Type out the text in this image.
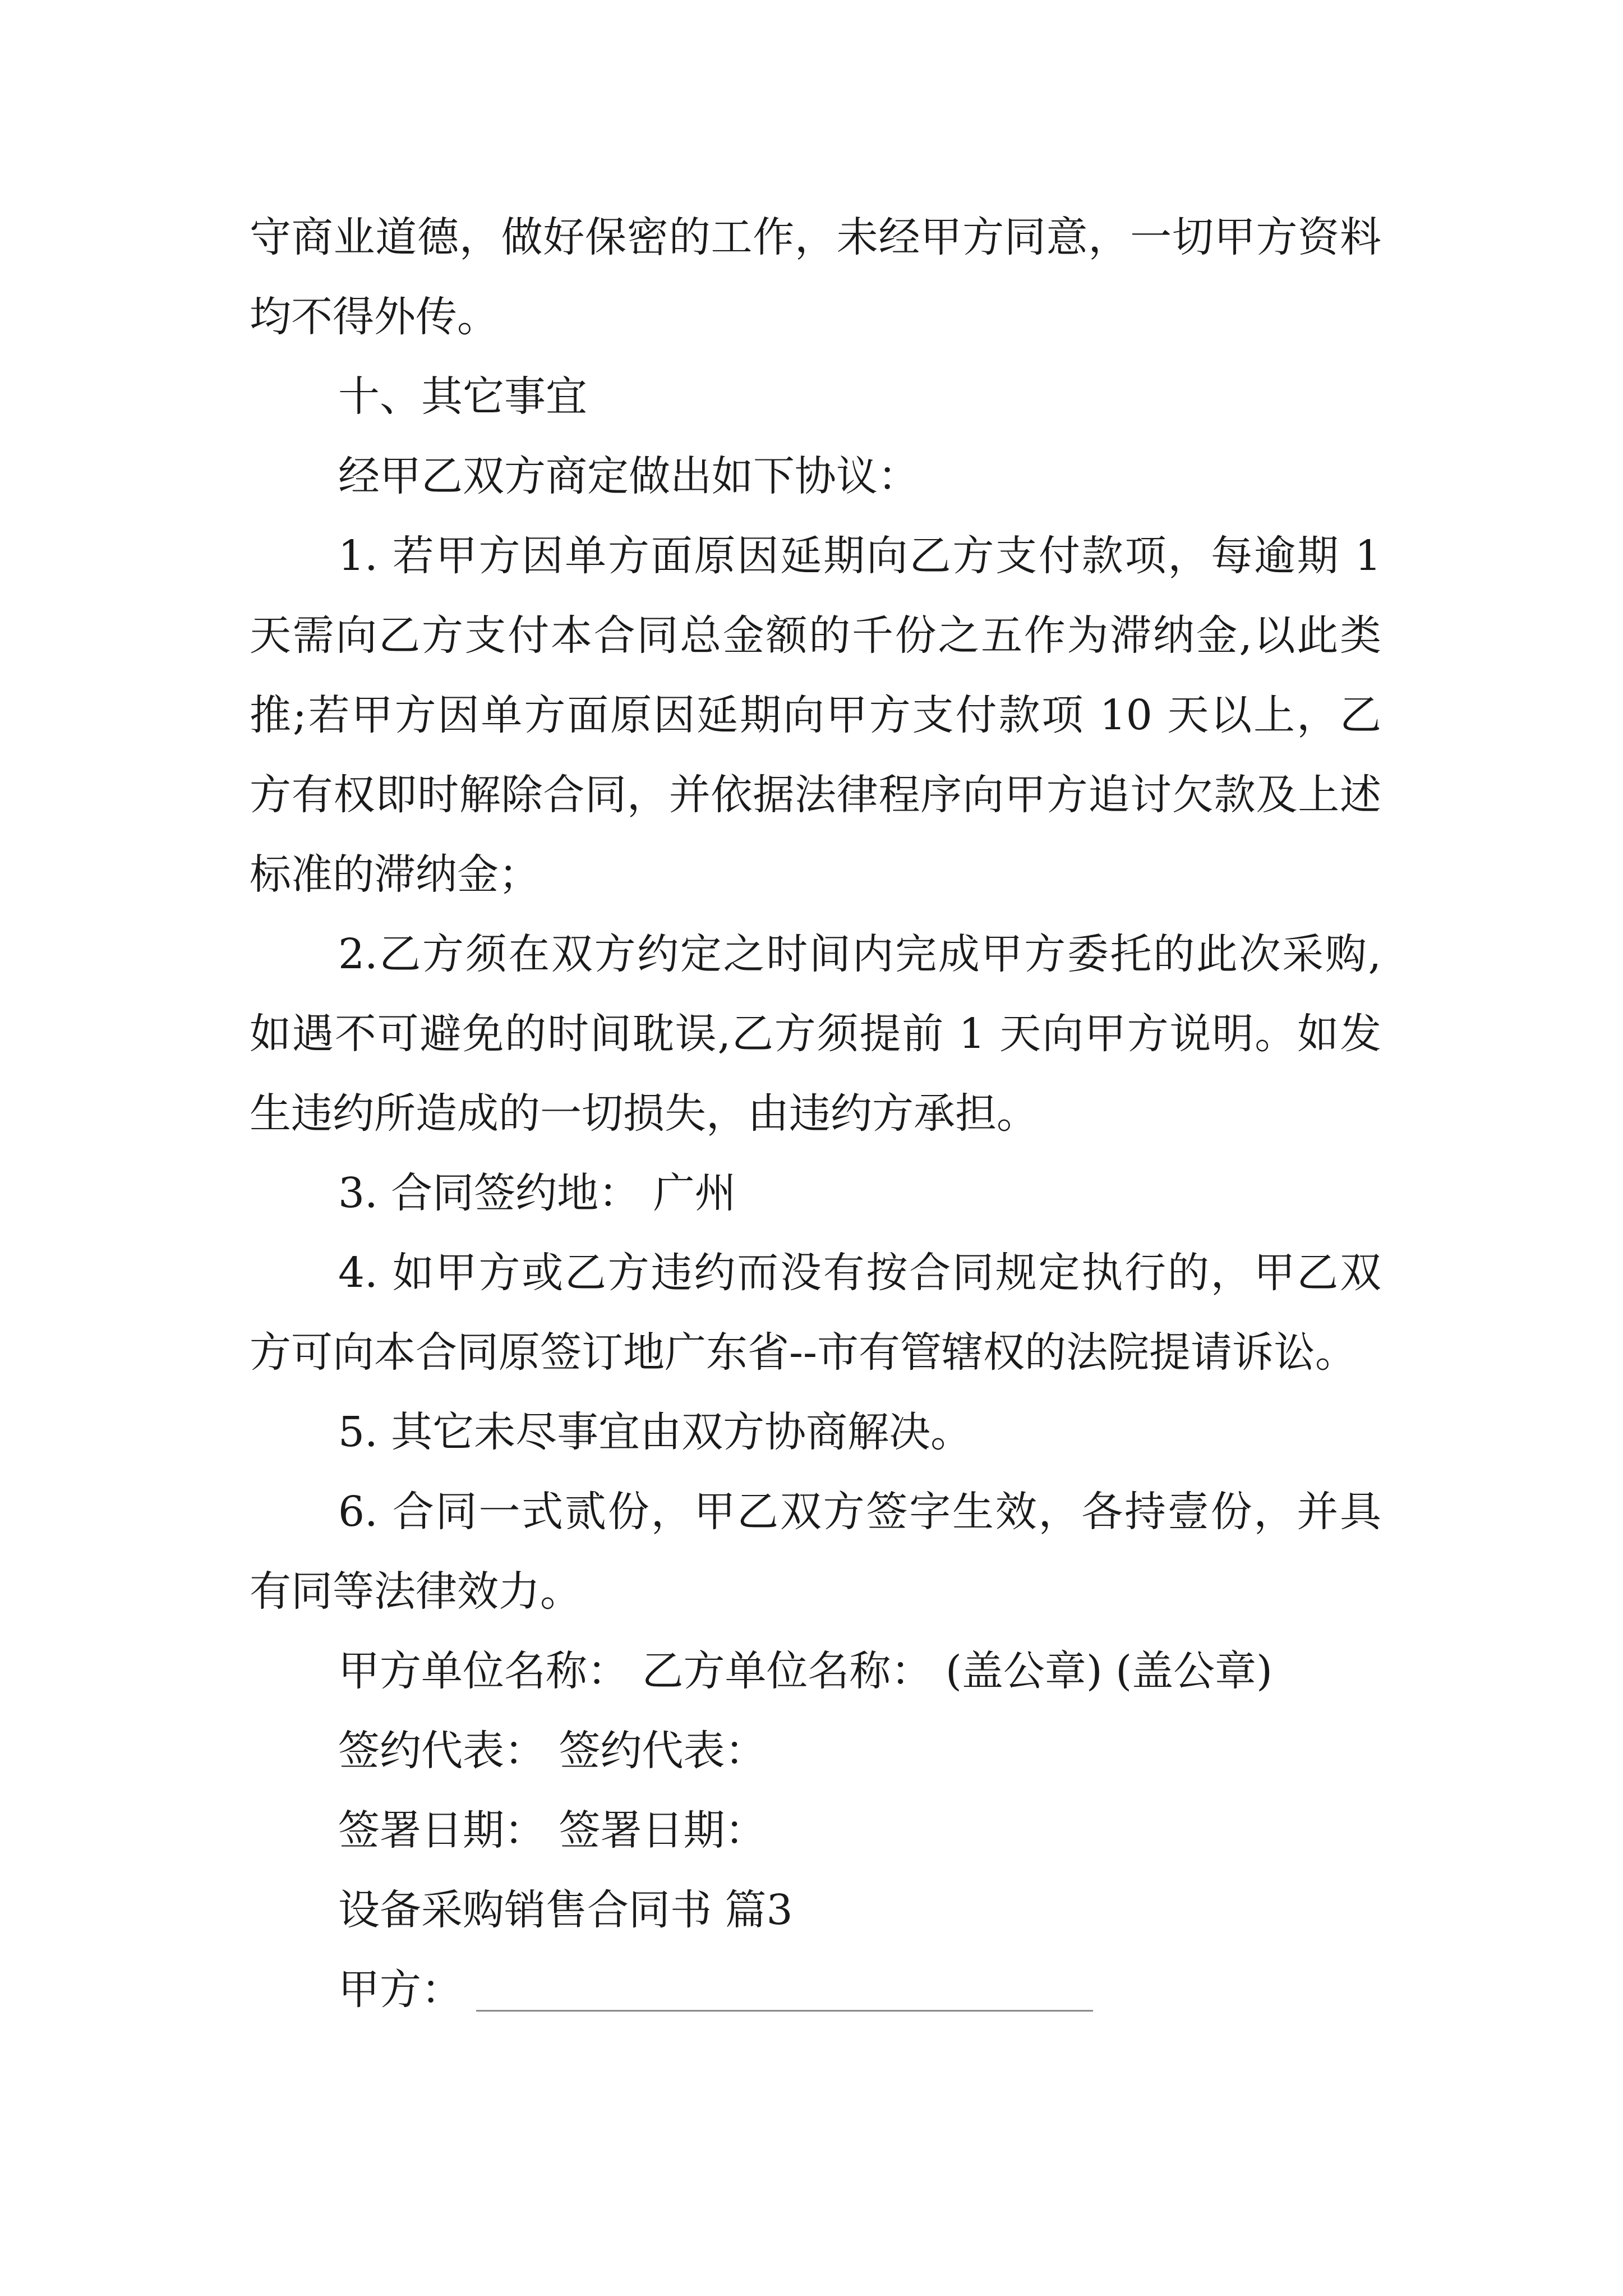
守商业道德，做好保密的工作，未经甲方同意，一切甲方资料均不得外传。

十、其它事宜

经甲乙双方商定做出如下协议：

1. 若甲方因单方面原因延期向乙方支付款项，每逾期 1 天需向乙方支付本合同总金额的千份之五作为滞纳金,以此类推;若甲方因单方面原因延期向甲方支付款项 10 天以上，乙 方有权即时解除合同，并依据法律程序向甲方追讨欠款及上述标准的滞纳金；

2.乙方须在双方约定之时间内完成甲方委托的此次采购,如遇不可避免的时间耽误,乙方须提前 1 天向甲方说明。如发生违约所造成的一切损失，由违约方承担。

3. 合同签约地： 广州

4. 如甲方或乙方违约而没有按合同规定执行的，甲乙双方可向本合同原签订地广东省--市有管辖权的法院提请诉讼。

5. 其它未尽事宜由双方协商解决。

6. 合同一式贰份，甲乙双方签字生效，各持壹份，并具有同等法律效力。

甲方单位名称： 乙方单位名称： (盖公章) (盖公章)

签约代表： 签约代表：

签署日期： 签署日期：

设备采购销售合同书 篇3

甲方：
